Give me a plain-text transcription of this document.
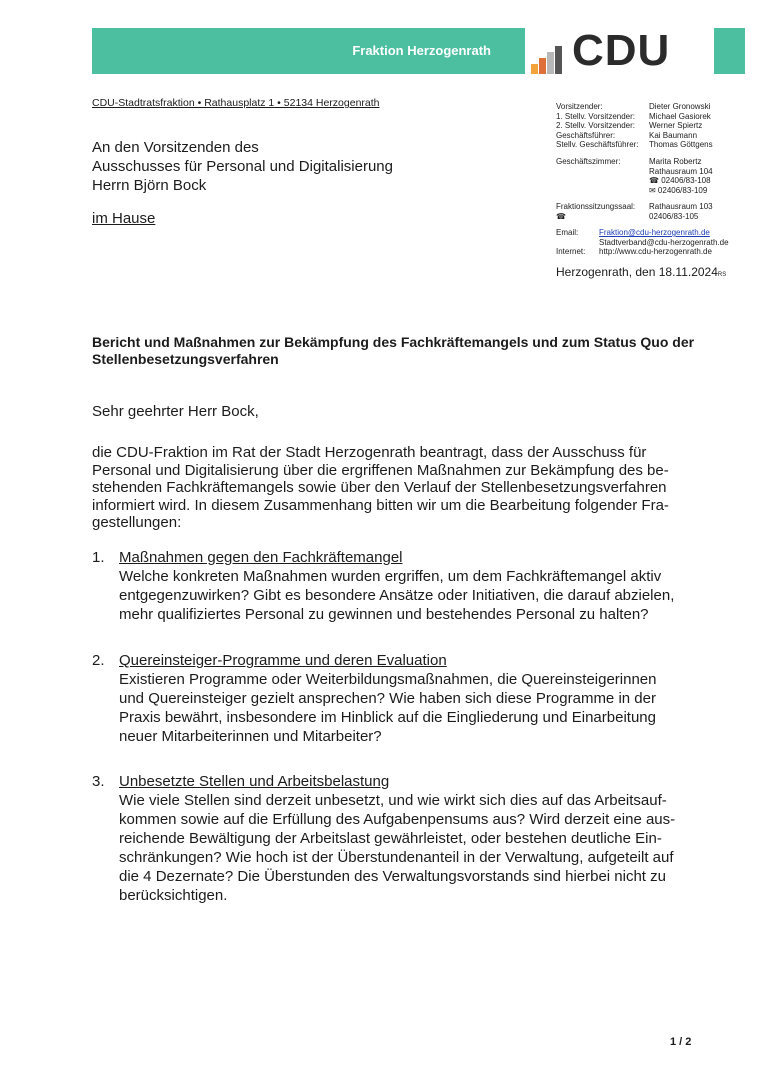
Fraktion Herzogenrath CDU
CDU-Stadtratsfraktion • Rathausplatz 1 • 52134 Herzogenrath
An den Vorsitzenden des
Ausschusses für Personal und Digitalisierung
Herrn Björn Bock
im Hause
Vorsitzender:	Dieter Gronowski
1. Stellv. Vorsitzender:	Michael Gasiorek
2. Stellv. Vorsitzender:	Werner Spiertz
Geschäftsführer:	Kai Baumann
Stellv. Geschäftsführer:	Thomas Göttgens
Geschäftszimmer:	Marita Robertz
Rathausraum 104
☎ 02406/83-108
✉ 02406/83-109
Fraktionssitzungssaal:
☎
Rathausraum 103
02406/83-105
Email:	Fraktion@cdu-herzogenrath.de
Stadtverband@cdu-herzogenrath.de
Internet:	http://www.cdu-herzogenrath.de
Herzogenrath, den 18.11.2024RS
Bericht und Maßnahmen zur Bekämpfung des Fachkräftemangels und zum Status Quo der Stellenbesetzungsverfahren
Sehr geehrter Herr Bock,
die CDU-Fraktion im Rat der Stadt Herzogenrath beantragt, dass der Ausschuss für
Personal und Digitalisierung über die ergriffenen Maßnahmen zur Bekämpfung des be-
stehenden Fachkräftemangels sowie über den Verlauf der Stellenbesetzungsverfahren
informiert wird. In diesem Zusammenhang bitten wir um die Bearbeitung folgender Fra-
gestellungen:
1. Maßnahmen gegen den Fachkräftemangel
Welche konkreten Maßnahmen wurden ergriffen, um dem Fachkräftemangel aktiv
entgegenzuwirken? Gibt es besondere Ansätze oder Initiativen, die darauf abzielen,
mehr qualifiziertes Personal zu gewinnen und bestehendes Personal zu halten?
2. Quereinsteiger-Programme und deren Evaluation
Existieren Programme oder Weiterbildungsmaßnahmen, die Quereinsteigerinnen
und Quereinsteiger gezielt ansprechen? Wie haben sich diese Programme in der
Praxis bewährt, insbesondere im Hinblick auf die Eingliederung und Einarbeitung
neuer Mitarbeiterinnen und Mitarbeiter?
3. Unbesetzte Stellen und Arbeitsbelastung
Wie viele Stellen sind derzeit unbesetzt, und wie wirkt sich dies auf das Arbeitsauf-
kommen sowie auf die Erfüllung des Aufgabenpensums aus? Wird derzeit eine aus-
reichende Bewältigung der Arbeitslast gewährleistet, oder bestehen deutliche Ein-
schränkungen? Wie hoch ist der Überstundenanteil in der Verwaltung, aufgeteilt auf
die 4 Dezernate? Die Überstunden des Verwaltungsvorstands sind hierbei nicht zu
berücksichtigen.
1 / 2
